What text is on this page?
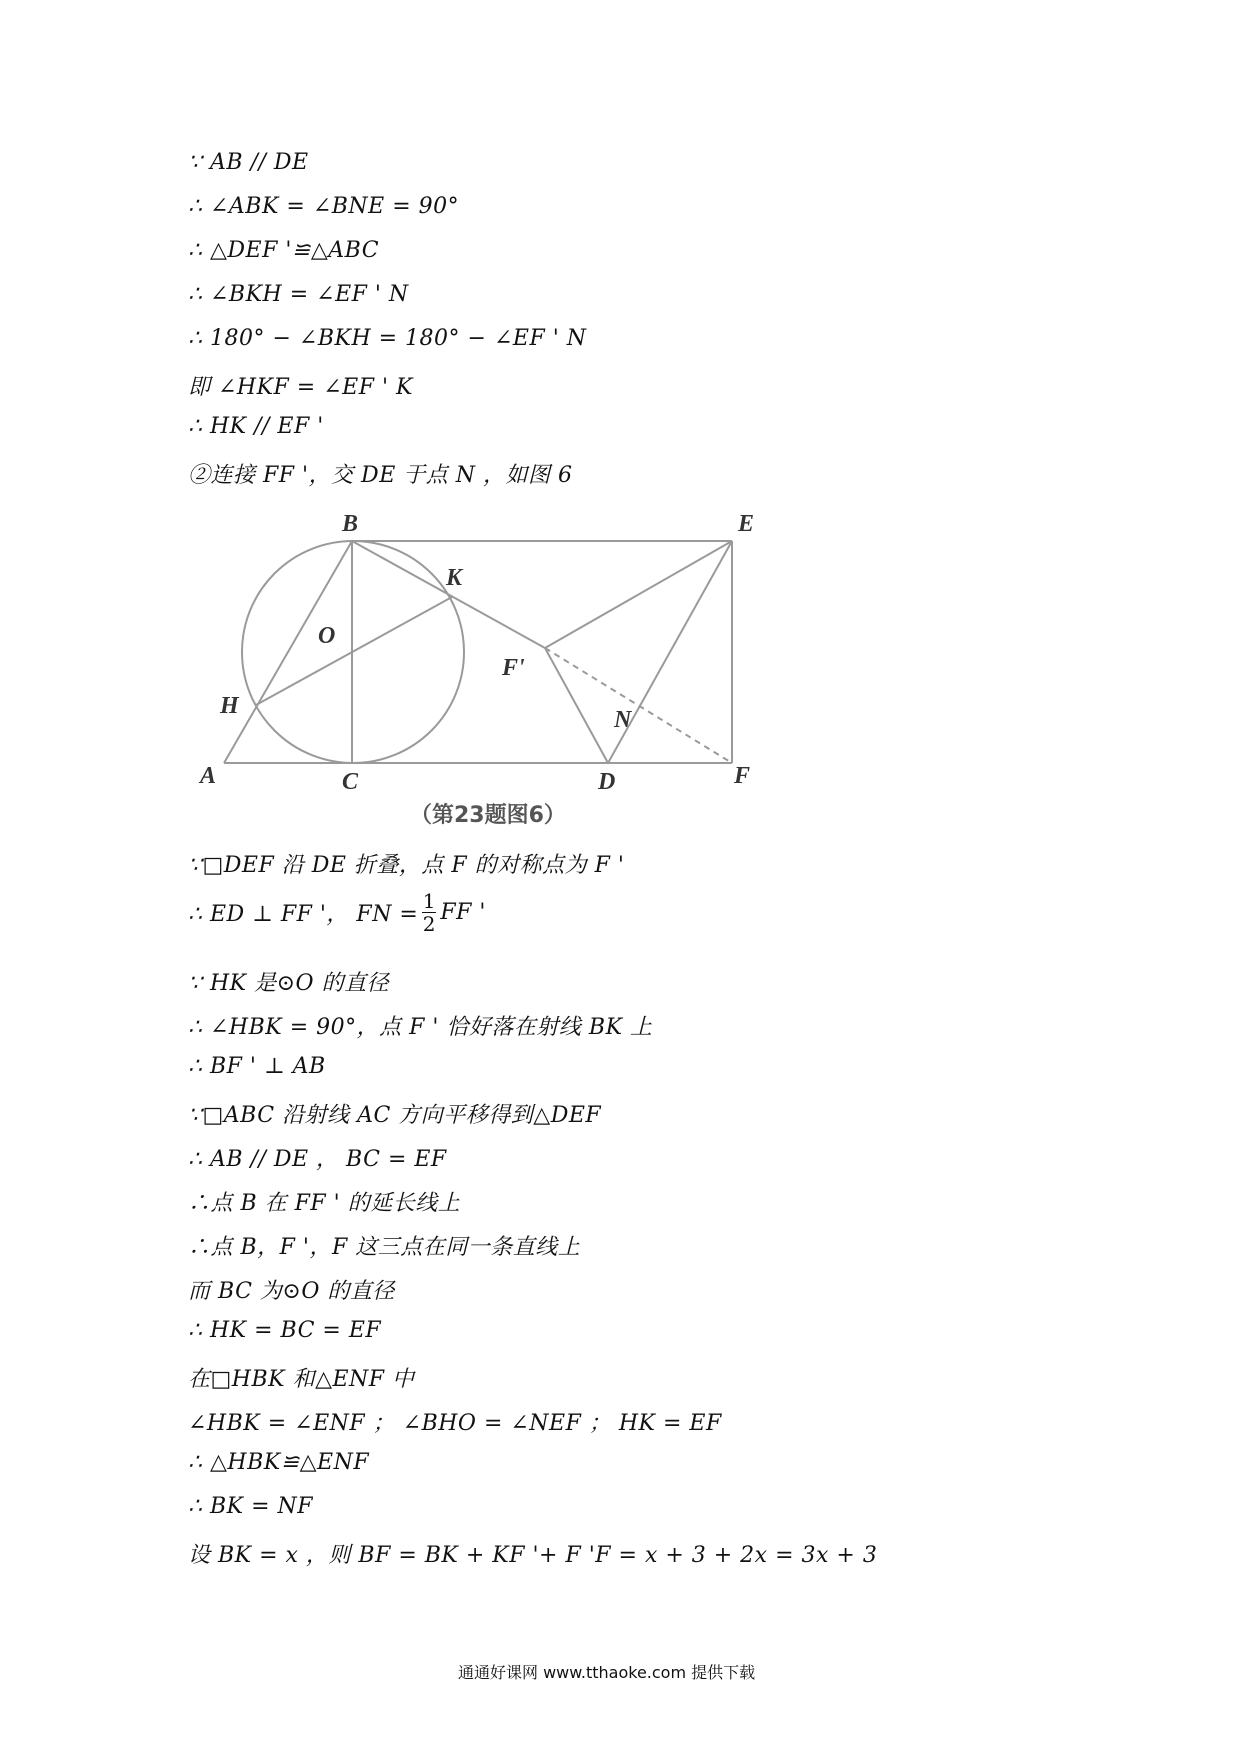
∵ AB // DE
∴ ∠ABK = ∠BNE = 90°
∴ △DEF '≌△ABC
∴ ∠BKH = ∠EF ' N
∴ 180° − ∠BKH = 180° − ∠EF ' N
即 ∠HKF = ∠EF ' K
∴ HK // EF '
②连接 FF '，交 DE 于点 N ，如图 6
B	E
K
O
F'
H
N
A	C	D	F
（第23题图6）
∵□DEF 沿 DE 折叠，点 F 的对称点为 F '
∴ ED ⊥ FF '， FN = $\frac{1}{2}$ FF '
∵ HK 是⊙O 的直径
∴ ∠HBK = 90°，点 F ' 恰好落在射线 BK 上
∴ BF ' ⊥ AB
∵□ABC 沿射线 AC 方向平移得到△DEF
∴ AB // DE ， BC = EF
∴点 B 在 FF ' 的延长线上
∴点 B，F '，F 这三点在同一条直线上
而 BC 为⊙O 的直径
∴ HK = BC = EF
在□HBK 和△ENF 中
∠HBK = ∠ENF ； ∠BHO = ∠NEF ； HK = EF
∴ △HBK≌△ENF
∴ BK = NF
设 BK = x ，则 BF = BK + KF '+ F 'F = x + 3 + 2x = 3x + 3
通通好课网 www.tthaoke.com 提供下载
